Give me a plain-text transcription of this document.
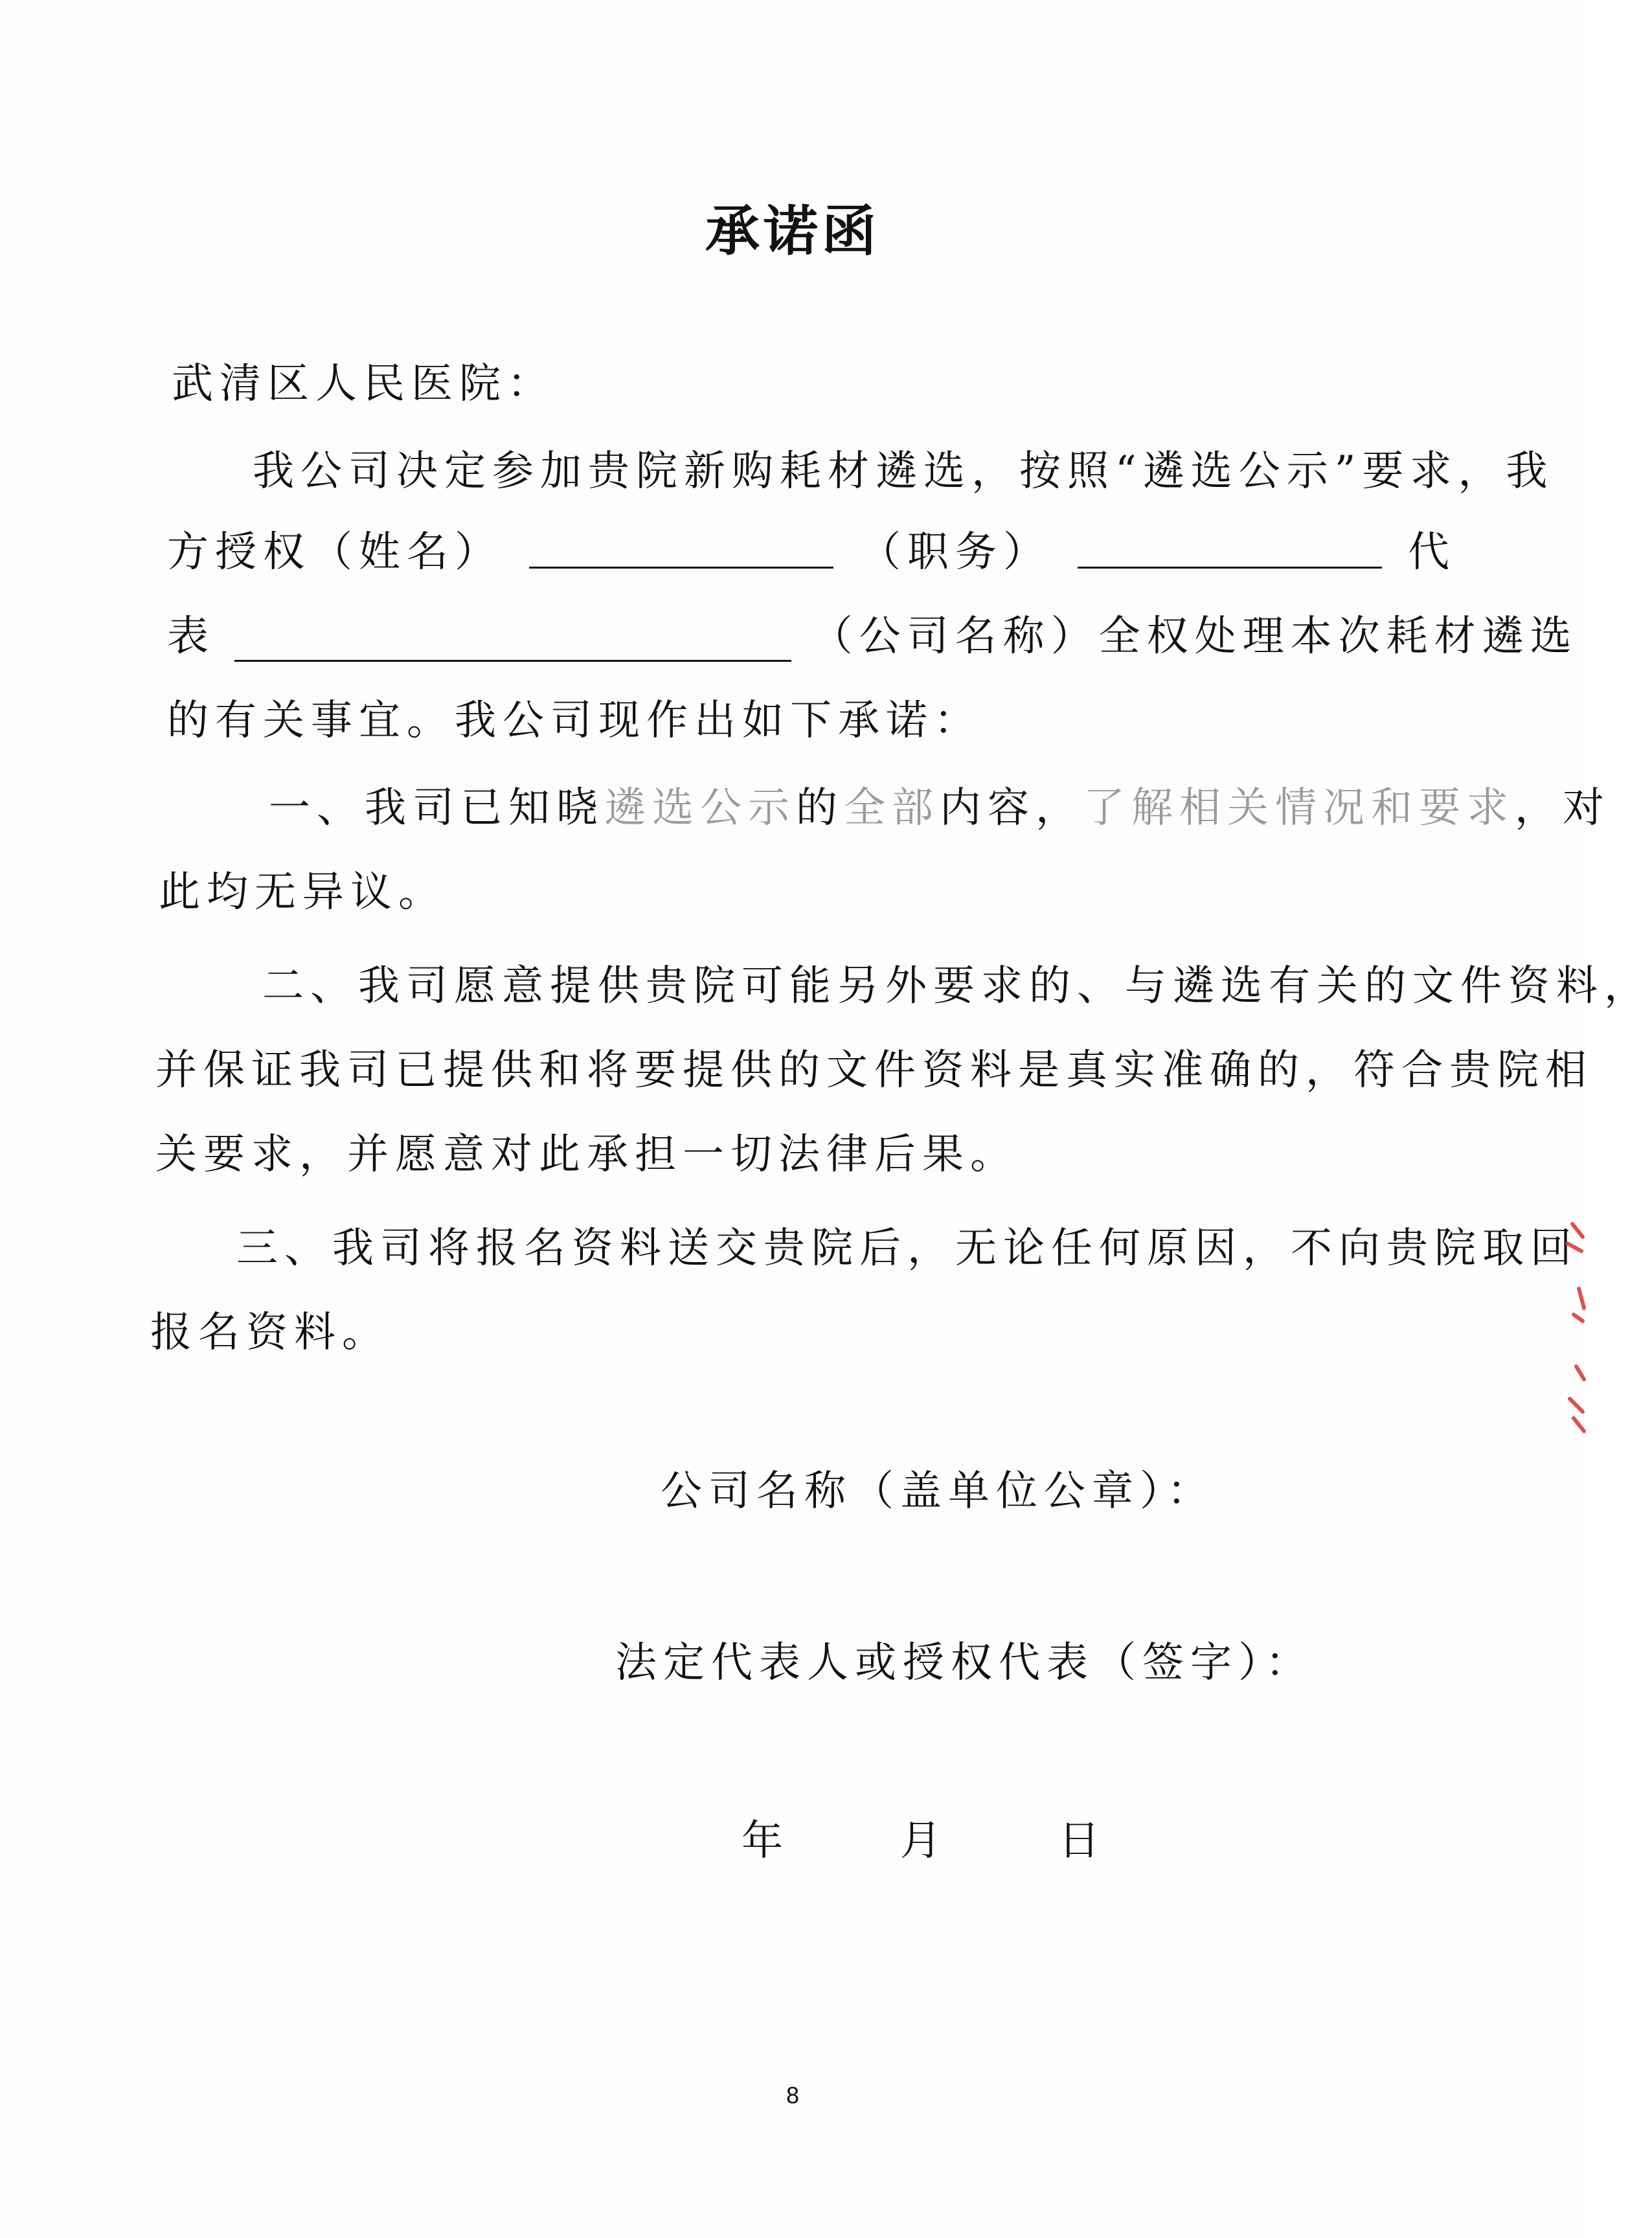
承诺函
武清区人民医院：
我公司决定参加贵院新购耗材遴选，按照“遴选公示”要求，我
方授权（姓名）	（职务）	代
表	（公司名称）全权处理本次耗材遴选
的有关事宜。我公司现作出如下承诺：
一、我司已知晓遴选公示的全部内容，了解相关情况和要求，对
此均无异议。
二、我司愿意提供贵院可能另外要求的、与遴选有关的文件资料，
并保证我司已提供和将要提供的文件资料是真实准确的，符合贵院相
关要求，并愿意对此承担一切法律后果。
三、我司将报名资料送交贵院后，无论任何原因，不向贵院取回
报名资料。
公司名称（盖单位公章）：
法定代表人或授权代表（签字）：
年	月	日
8
